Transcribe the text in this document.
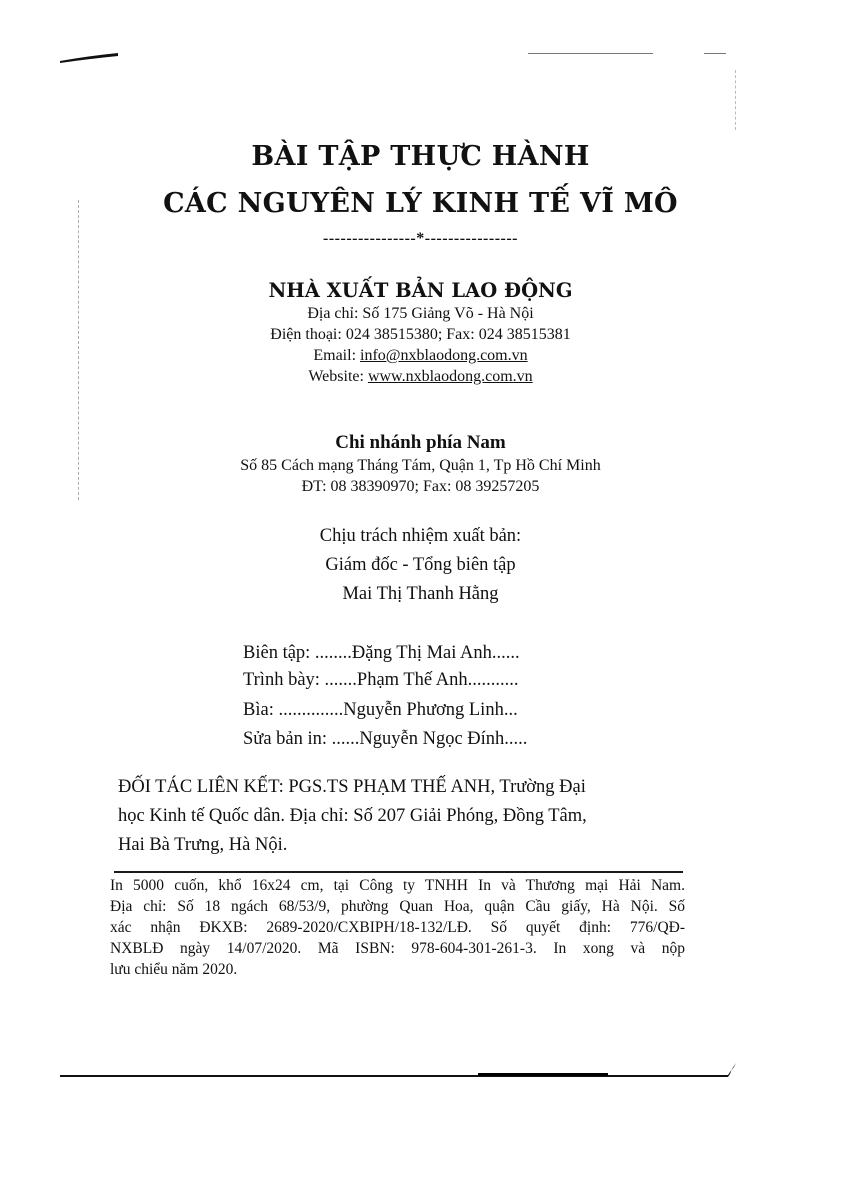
BÀI TẬP THỰC HÀNH
CÁC NGUYÊN LÝ KINH TẾ VĨ MÔ
----------------*----------------
NHÀ XUẤT BẢN LAO ĐỘNG
Địa chỉ: Số 175 Giảng Võ - Hà Nội
Điện thoại: 024 38515380; Fax: 024 38515381
Email: info@nxblaodong.com.vn
Website: www.nxblaodong.com.vn
Chi nhánh phía Nam
Số 85 Cách mạng Tháng Tám, Quận 1, Tp Hồ Chí Minh
ĐT: 08 38390970; Fax: 08 39257205
Chịu trách nhiệm xuất bản:
Giám đốc - Tổng biên tập
Mai Thị Thanh Hằng
Biên tập: ........Đặng Thị Mai Anh......
Trình bày: .......Phạm Thế Anh...........
Bìa: ..............Nguyễn Phương Linh...
Sửa bản in: ......Nguyễn Ngọc Đính.....
ĐỐI TÁC LIÊN KẾT: PGS.TS PHẠM THẾ ANH, Trường Đại
học Kinh tế Quốc dân. Địa chỉ: Số 207 Giải Phóng, Đồng Tâm,
Hai Bà Trưng, Hà Nội.
In 5000 cuốn, khổ 16x24 cm, tại Công ty TNHH In và Thương mại Hải Nam.
Địa chỉ: Số 18 ngách 68/53/9, phường Quan Hoa, quận Cầu giấy, Hà Nội. Số
xác nhận ĐKXB: 2689-2020/CXBIPH/18-132/LĐ. Số quyết định: 776/QĐ-
NXBLĐ ngày 14/07/2020. Mã ISBN: 978-604-301-261-3. In xong và nộp
lưu chiểu năm 2020.
